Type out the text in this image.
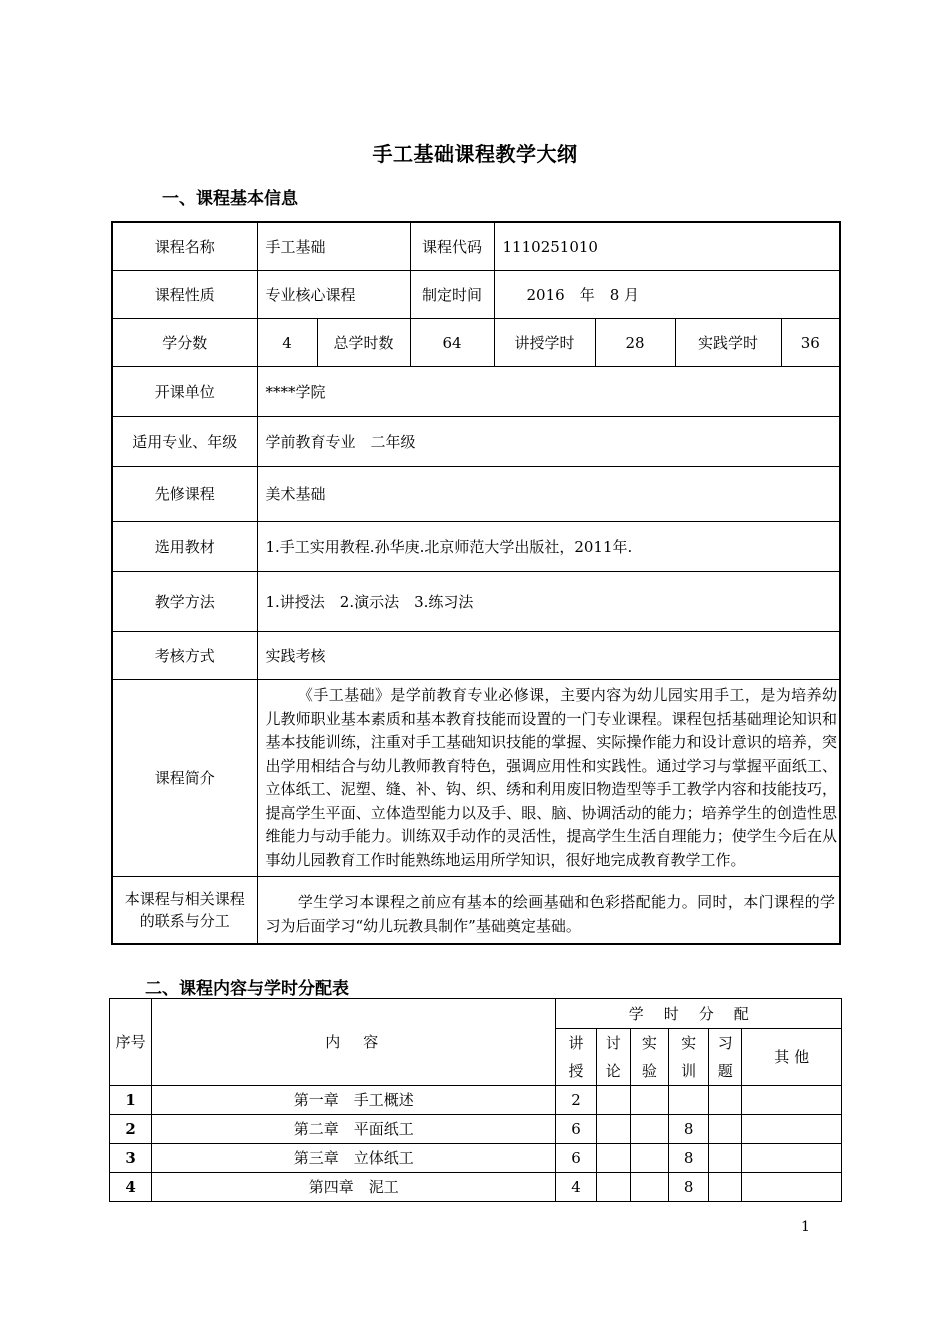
手工基础课程教学大纲
一、课程基本信息
课程名称	手工基础		课程代码	1110251010			
课程性质	专业核心课程		制定时间	2016　年　8 月			
学分数	4	总学时数	64	讲授学时	28	实践学时	36
开课单位	****学院						
适用专业、年级	学前教育专业　二年级						
先修课程	美术基础						
选用教材	1.手工实用教程.孙华庚.北京师范大学出版社，2011年.						
教学方法	1.讲授法　2.演示法　3.练习法						
考核方式	实践考核						
课程简介	《手工基础》是学前教育专业必修课，主要内容为幼儿园实用手工，是为培养幼儿教师职业基本素质和基本教育技能而设置的一门专业课程。课程包括基础理论知识和基本技能训练，注重对手工基础知识技能的掌握、实际操作能力和设计意识的培养，突出学用相结合与幼儿教师教育特色，强调应用性和实践性。通过学习与掌握平面纸工、立体纸工、泥塑、缝、补、钩、织、绣和利用废旧物造型等手工教学内容和技能技巧，提高学生平面、立体造型能力以及手、眼、脑、协调活动的能力；培养学生的创造性思维能力与动手能力。训练双手动作的灵活性，提高学生生活自理能力；使学生今后在从事幼儿园教育工作时能熟练地运用所学知识，很好地完成教育教学工作。						
本课程与相关课程的联系与分工	学生学习本课程之前应有基本的绘画基础和色彩搭配能力。同时，本门课程的学习为后面学习“幼儿玩教具制作”基础奠定基础。						
二、课程内容与学时分配表
序号	内　容	学时分配					
		讲授	讨论	实验	实训	习题	其 他
1	第一章　手工概述	2					
2	第二章　平面纸工	6			8		
3	第三章　立体纸工	6			8		
4	第四章　泥工	4			8		
1
